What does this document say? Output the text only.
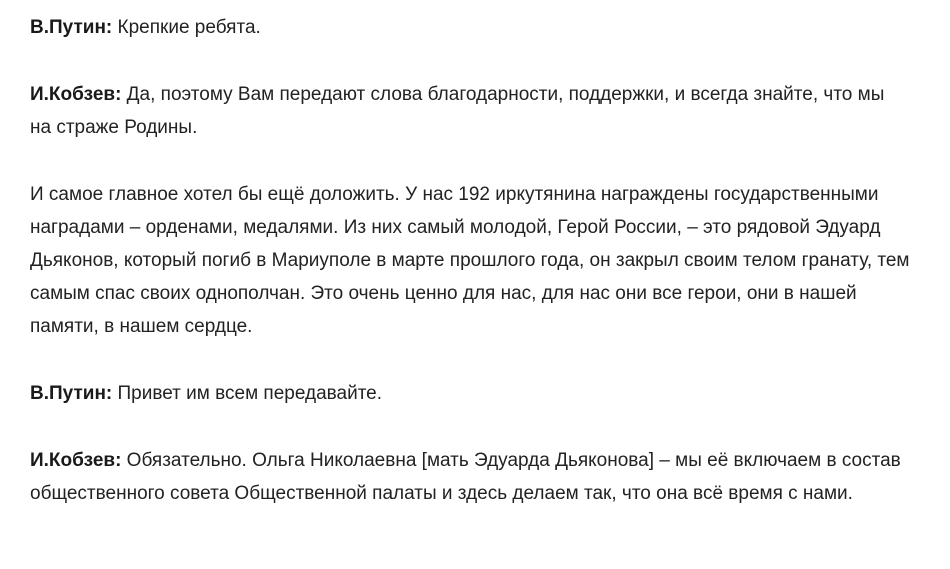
В.Путин: Крепкие ребята.

И.Кобзев: Да, поэтому Вам передают слова благодарности, поддержки, и всегда знайте, что мы на страже Родины.

И самое главное хотел бы ещё доложить. У нас 192 иркутянина награждены государственными наградами – орденами, медалями. Из них самый молодой, Герой России, – это рядовой Эдуард Дьяконов, который погиб в Мариуполе в марте прошлого года, он закрыл своим телом гранату, тем самым спас своих однополчан. Это очень ценно для нас, для нас они все герои, они в нашей памяти, в нашем сердце.

В.Путин: Привет им всем передавайте.

И.Кобзев: Обязательно. Ольга Николаевна [мать Эдуарда Дьяконова] – мы её включаем в состав общественного совета Общественной палаты и здесь делаем так, что она всё время с нами.
